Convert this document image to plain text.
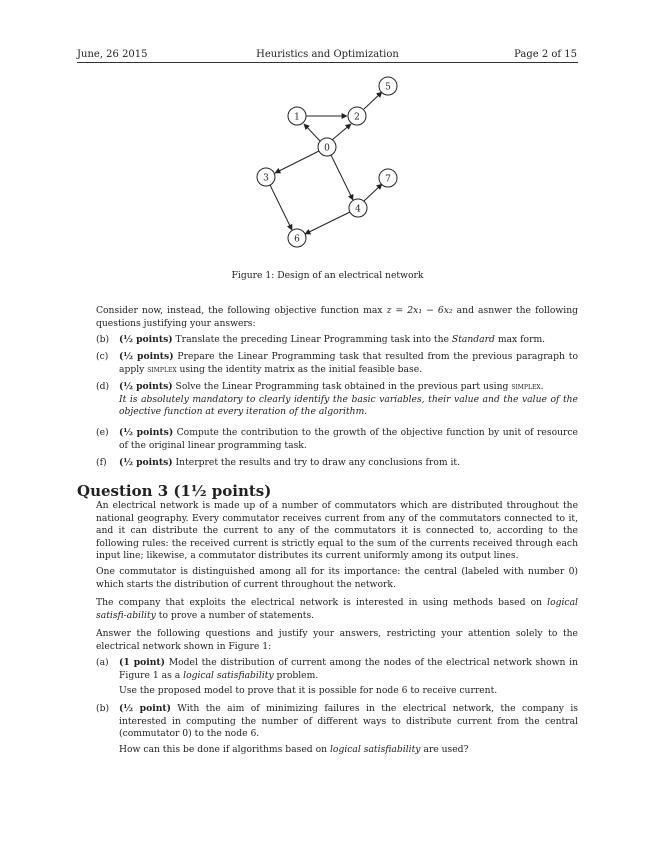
June, 26 2015	Heuristics and Optimization	Page 2 of 15
1	2
5
0
3	7
4
6
Figure 1: Design of an electrical network
Consider now, instead, the following objective function max z = 2x₁ − 6x₂ and asnwer the following questions justifying your answers:
(b) (½ points) Translate the preceding Linear Programming task into the Standard max form.
(c) (½ points) Prepare the Linear Programming task that resulted from the previous paragraph to apply simplex using the identity matrix as the initial feasible base.
(d) (½ points) Solve the Linear Programming task obtained in the previous part using simplex.
It is absolutely mandatory to clearly identify the basic variables, their value and the value of the objective function at every iteration of the algorithm.
(e) (½ points) Compute the contribution to the growth of the objective function by unit of resource of the original linear programming task.
(f) (½ points) Interpret the results and try to draw any conclusions from it.
Question 3 (1½ points)
An electrical network is made up of a number of commutators which are distributed throughout the national geography. Every commutator receives current from any of the commutators connected to it, and it can distribute the current to any of the commutators it is connected to, according to the following rules: the received current is strictly equal to the sum of the currents received through each input line; likewise, a commutator distributes its current uniformly among its output lines.
One commutator is distinguished among all for its importance: the central (labeled with number 0) which starts the distribution of current throughout the network.
The company that exploits the electrical network is interested in using methods based on logical satisfi-ability to prove a number of statements.
Answer the following questions and justify your answers, restricting your attention solely to the electrical network shown in Figure 1:
(a) (1 point) Model the distribution of current among the nodes of the electrical network shown in Figure 1 as a logical satisfiability problem.
Use the proposed model to prove that it is possible for node 6 to receive current.
(b) (½ point) With the aim of minimizing failures in the electrical network, the company is interested in computing the number of different ways to distribute current from the central (commutator 0) to the node 6.
How can this be done if algorithms based on logical satisfiability are used?
